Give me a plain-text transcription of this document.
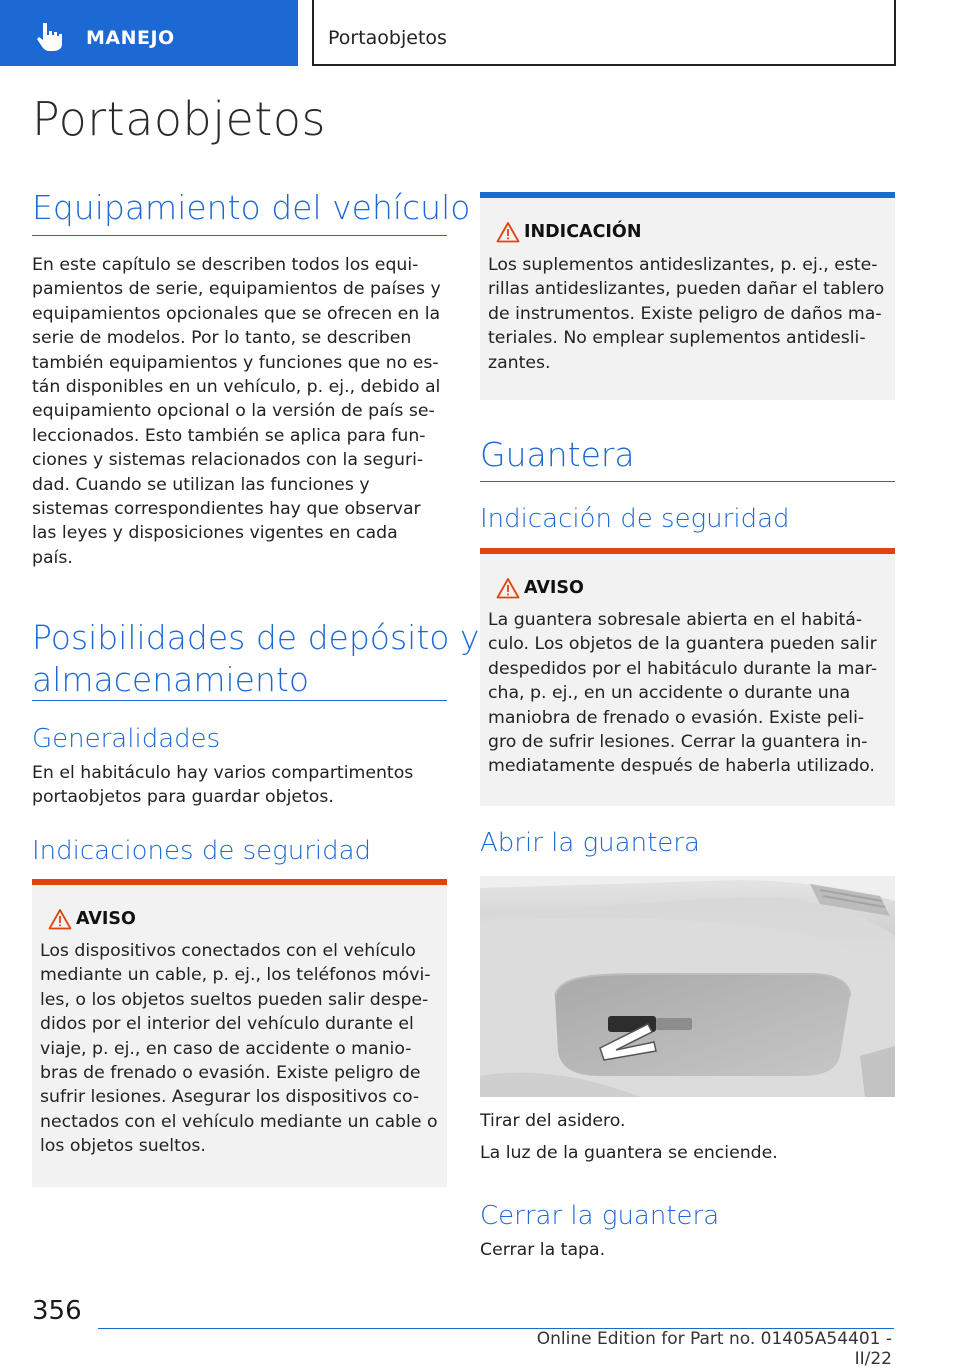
MANEJO	Portaobjetos
Portaobjetos
Equipamiento del vehículo
En este capítulo se describen todos los equi-
pamientos de serie, equipamientos de países y
equipamientos opcionales que se ofrecen en la
serie de modelos. Por lo tanto, se describen
también equipamientos y funciones que no es-
tán disponibles en un vehículo, p. ej., debido al
equipamiento opcional o la versión de país se-
leccionados. Esto también se aplica para fun-
ciones y sistemas relacionados con la seguri-
dad. Cuando se utilizan las funciones y
sistemas correspondientes hay que observar
las leyes y disposiciones vigentes en cada
país.
Posibilidades de depósito y
almacenamiento
Generalidades
En el habitáculo hay varios compartimentos
portaobjetos para guardar objetos.
Indicaciones de seguridad
AVISO
Los dispositivos conectados con el vehículo
mediante un cable, p. ej., los teléfonos móvi-
les, o los objetos sueltos pueden salir despe-
didos por el interior del vehículo durante el
viaje, p. ej., en caso de accidente o manio-
bras de frenado o evasión. Existe peligro de
sufrir lesiones. Asegurar los dispositivos co-
nectados con el vehículo mediante un cable o
los objetos sueltos.
INDICACIÓN
Los suplementos antideslizantes, p. ej., este-
rillas antideslizantes, pueden dañar el tablero
de instrumentos. Existe peligro de daños ma-
teriales. No emplear suplementos antidesli-
zantes.
Guantera
Indicación de seguridad
AVISO
La guantera sobresale abierta en el habitá-
culo. Los objetos de la guantera pueden salir
despedidos por el habitáculo durante la mar-
cha, p. ej., en un accidente o durante una
maniobra de frenado o evasión. Existe peli-
gro de sufrir lesiones. Cerrar la guantera in-
mediatamente después de haberla utilizado.
Abrir la guantera
Tirar del asidero.
La luz de la guantera se enciende.
Cerrar la guantera
Cerrar la tapa.
356
Online Edition for Part no. 01405A54401 - II/22
